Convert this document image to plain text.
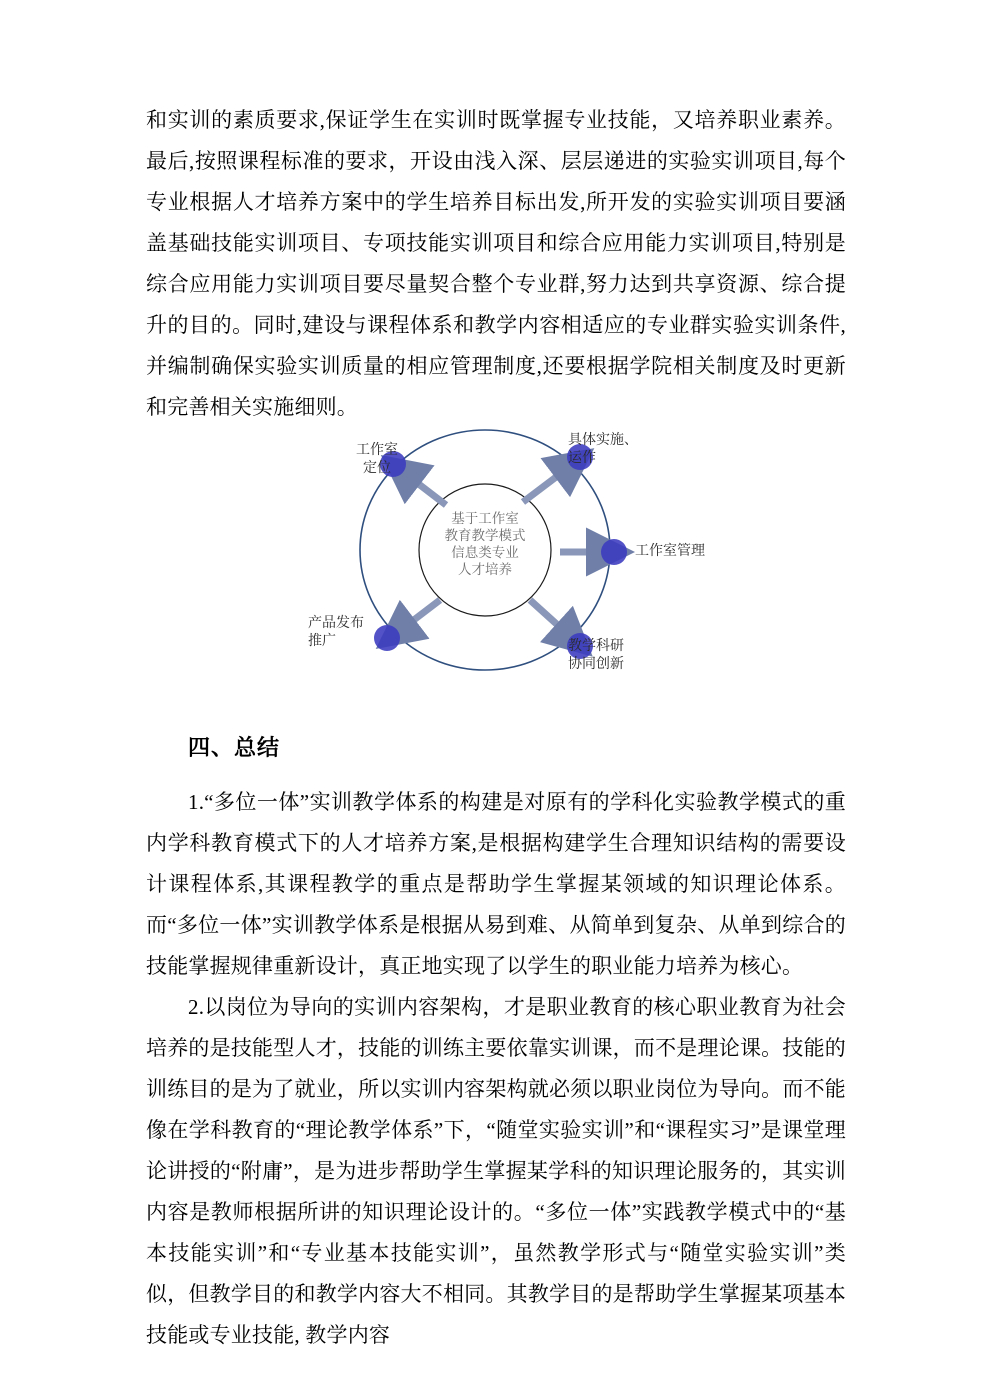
和实训的素质要求,保证学生在实训时既掌握专业技能，又培养职业素养。最后,按照课程标准的要求，开设由浅入深、层层递进的实验实训项目,每个专业根据人才培养方案中的学生培养目标出发,所开发的实验实训项目要涵盖基础技能实训项目、专项技能实训项目和综合应用能力实训项目,特别是综合应用能力实训项目要尽量契合整个专业群,努力达到共享资源、综合提升的目的。同时,建设与课程体系和教学内容相适应的专业群实验实训条件,并编制确保实验实训质量的相应管理制度,还要根据学院相关制度及时更新和完善相关实施细则。

四、总结

1.“多位一体”实训教学体系的构建是对原有的学科化实验教学模式的重内学科教育模式下的人才培养方案,是根据构建学生合理知识结构的需要设计课程体系,其课程教学的重点是帮助学生掌握某领域的知识理论体系。而“多位一体”实训教学体系是根据从易到难、从简单到复杂、从单到综合的技能掌握规律重新设计，真正地实现了以学生的职业能力培养为核心。

2.以岗位为导向的实训内容架构，才是职业教育的核心职业教育为社会培养的是技能型人才，技能的训练主要依靠实训课，而不是理论课。技能的训练目的是为了就业，所以实训内容架构就必须以职业岗位为导向。而不能像在学科教育的“理论教学体系”下，“随堂实验实训”和“课程实习”是课堂理论讲授的“附庸”，是为进步帮助学生掌握某学科的知识理论服务的，其实训内容是教师根据所讲的知识理论设计的。“多位一体”实践教学模式中的“基本技能实训”和“专业基本技能实训”，虽然教学形式与“随堂实验实训”类似，但教学目的和教学内容大不相同。其教学目的是帮助学生掌握某项基本技能或专业技能, 教学内容

基于工作室
教育教学模式
信息类专业
人才培养
工作室
定位
具体实施、
运作
工作室管理
教学科研
协同创新
产品发布
推广
